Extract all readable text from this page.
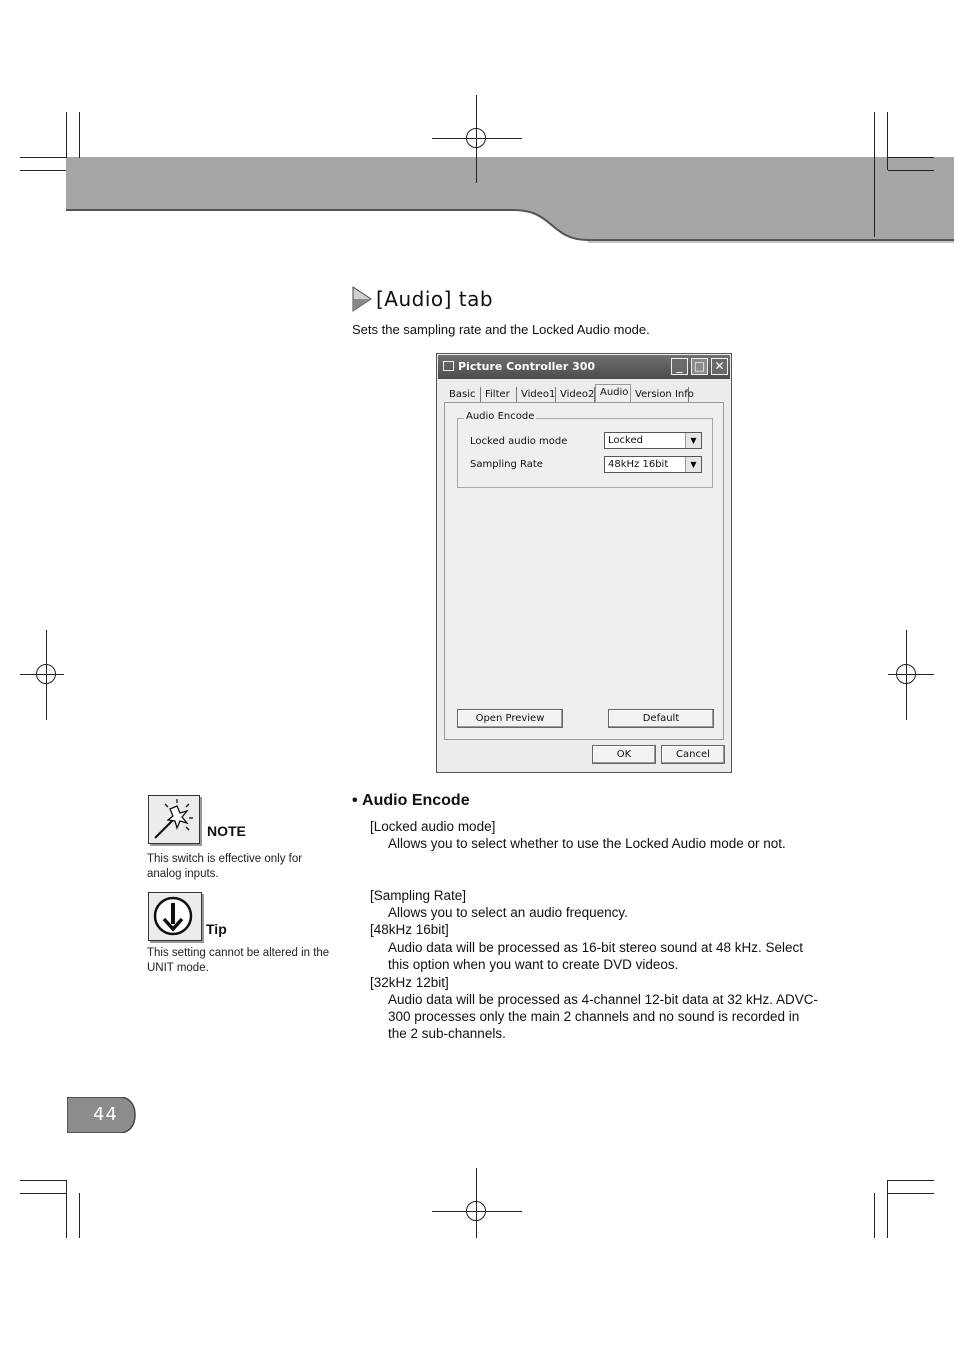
[Audio] tab
Sets the sampling rate and the Locked Audio mode.
Picture Controller 300	_ □ ✕
Basic Filter	Video1 Video2 Audio Version Info
Audio Encode
Locked audio mode	Locked	▼
Sampling Rate	48kHz 16bit	▼
Open Preview	Default
OK	Cancel
• Audio Encode
[Locked audio mode]
Allows you to select whether to use the Locked Audio mode or not.
[Sampling Rate]
Allows you to select an audio frequency.
[48kHz 16bit]
Audio data will be processed as 16-bit stereo sound at 48 kHz. Select this option when you want to create DVD videos.
[32kHz 12bit]
Audio data will be processed as 4-channel 12-bit data at 32 kHz. ADVC-300 processes only the main 2 channels and no sound is recorded in the 2 sub-channels.
NOTE
This switch is effective only for analog inputs.
Tip
This setting cannot be altered in the UNIT mode.
44
